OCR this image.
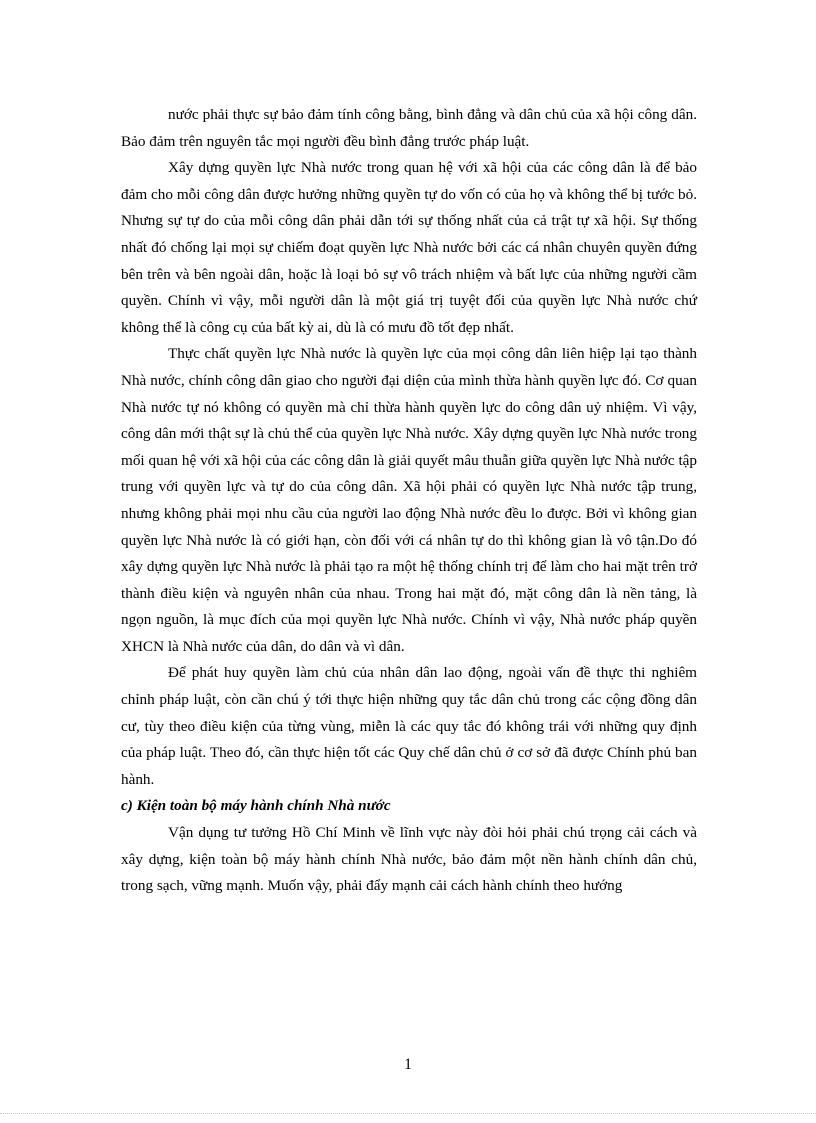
nước phải thực sự bảo đảm tính công bằng, bình đẳng và dân chủ của xã hội công dân. Bảo đảm trên nguyên tắc mọi người đều bình đẳng trước pháp luật.

Xây dựng quyền lực Nhà nước trong quan hệ với xã hội của các công dân là để bảo đảm cho mỗi công dân được hưởng những quyền tự do vốn có của họ và không thể bị tước bỏ. Nhưng sự tự do của mỗi công dân phải dẫn tới sự thống nhất của cả trật tự xã hội. Sự thống nhất đó chống lại mọi sự chiếm đoạt quyền lực Nhà nước bởi các cá nhân chuyên quyền đứng bên trên và bên ngoài dân, hoặc là loại bỏ sự vô trách nhiệm và bất lực của những người cầm quyền. Chính vì vậy, mỗi người dân là một giá trị tuyệt đối của quyền lực Nhà nước chứ không thể là công cụ của bất kỳ ai, dù là có mưu đồ tốt đẹp nhất.

Thực chất quyền lực Nhà nước là quyền lực của mọi công dân liên hiệp lại tạo thành Nhà nước, chính công dân giao cho người đại diện của mình thừa hành quyền lực đó. Cơ quan Nhà nước tự nó không có quyền mà chỉ thừa hành quyền lực do công dân uỷ nhiệm. Vì vậy, công dân mới thật sự là chủ thể của quyền lực Nhà nước. Xây dựng quyền lực Nhà nước trong mối quan hệ với xã hội của các công dân là giải quyết mâu thuẫn giữa quyền lực Nhà nước tập trung với quyền lực và tự do của công dân. Xã hội phải có quyền lực Nhà nước tập trung, nhưng không phải mọi nhu cầu của người lao động Nhà nước đều lo được. Bởi vì không gian quyền lực Nhà nước là có giới hạn, còn đối với cá nhân tự do thì không gian là vô tận.Do đó xây dựng quyền lực Nhà nước là phải tạo ra một hệ thống chính trị để làm cho hai mặt trên trở thành điều kiện và nguyên nhân của nhau. Trong hai mặt đó, mặt công dân là nền tảng, là ngọn nguồn, là mục đích của mọi quyền lực Nhà nước. Chính vì vậy, Nhà nước pháp quyền XHCN là Nhà nước của dân, do dân và vì dân.

Để phát huy quyền làm chủ của nhân dân lao động, ngoài vấn đề thực thi nghiêm chỉnh pháp luật, còn cần chú ý tới thực hiện những quy tắc dân chủ trong các cộng đồng dân cư, tùy theo điều kiện của từng vùng, miễn là các quy tắc đó không trái với những quy định của pháp luật. Theo đó, cần thực hiện tốt các Quy chế dân chủ ở cơ sở đã được Chính phủ ban hành.

c) Kiện toàn bộ máy hành chính Nhà nước

Vận dụng tư tưởng Hồ Chí Minh về lĩnh vực này đòi hỏi phải chú trọng cải cách và xây dựng, kiện toàn bộ máy hành chính Nhà nước, bảo đảm một nền hành chính dân chủ, trong sạch, vững mạnh. Muốn vậy, phải đẩy mạnh cải cách hành chính theo hướng

1
